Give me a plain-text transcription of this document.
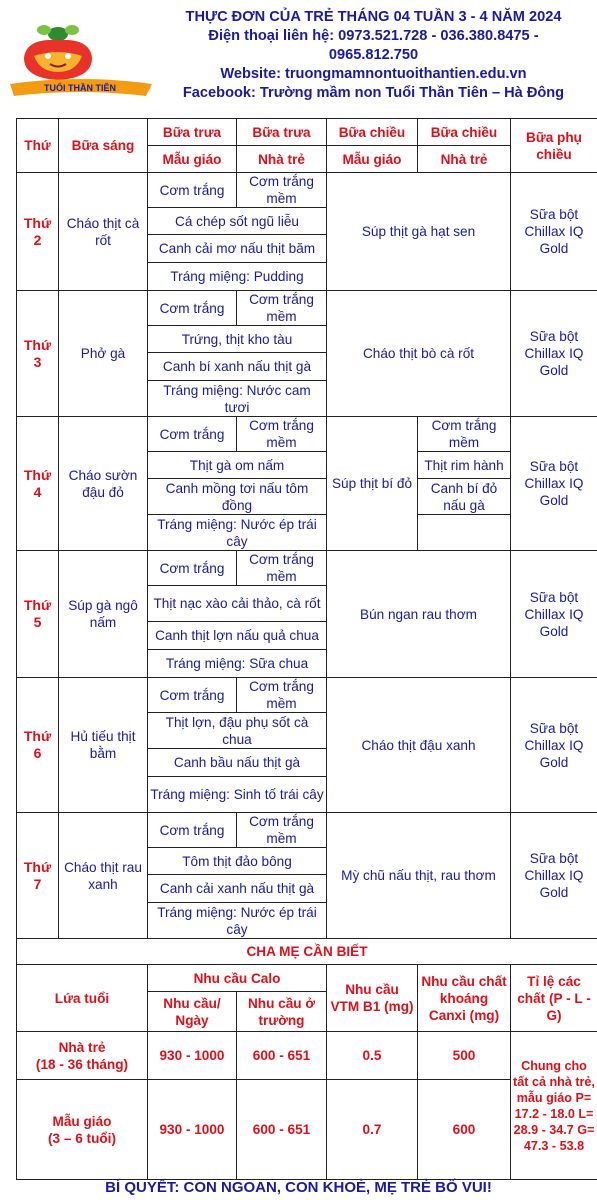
TUỔI THẦN TIÊN
THỰC ĐƠN CỦA TRẺ THÁNG 04 TUẦN 3 - 4 NĂM 2024
Điện thoại liên hệ: 0973.521.728 - 036.380.8475 -
0965.812.750
Website: truongmamnontuoithantien.edu.vn
Facebook: Trường mầm non Tuổi Thần Tiên – Hà Đông
Thứ	Bữa sáng	Bữa trưa	Bữa trưa	Bữa chiều	Bữa chiều	Bữa phụ chiều
		Mẫu giáo	Nhà trẻ	Mẫu giáo	Nhà trẻ	
Thứ 2	Cháo thịt cà rốt	Cơm trắng	Cơm trắng mềm	Súp thịt gà hạt sen		Sữa bột Chillax IQ Gold
		Cá chép sốt ngũ liễu				
		Canh cải mơ nấu thịt băm				
		Tráng miệng: Pudding				
Thứ 3	Phở gà	Cơm trắng	Cơm trắng mềm	Cháo thịt bò cà rốt		Sữa bột Chillax IQ Gold
		Trứng, thịt kho tàu				
		Canh bí xanh nấu thịt gà				
		Tráng miệng: Nước cam tươi				
Thứ 4	Cháo sườn đậu đỏ	Cơm trắng	Cơm trắng mềm	Súp thịt bí đỏ	Cơm trắng mềm	Sữa bột Chillax IQ Gold
		Thịt gà om nấm			Thịt rim hành	
		Canh mồng tơi nấu tôm đồng			Canh bí đỏ nấu gà	
		Tráng miệng: Nước ép trái cây				
Thứ 5	Súp gà ngô nấm	Cơm trắng	Cơm trắng mềm	Bún ngan rau thơm		Sữa bột Chillax IQ Gold
		Thịt nạc xào cải thảo, cà rốt				
		Canh thịt lợn nấu quả chua				
		Tráng miệng: Sữa chua				
Thứ 6	Hủ tiếu thịt bằm	Cơm trắng	Cơm trắng mềm	Cháo thịt đậu xanh		Sữa bột Chillax IQ Gold
		Thịt lợn, đậu phụ sốt cà chua				
		Canh bầu nấu thịt gà				
		Tráng miệng: Sinh tố trái cây				
Thứ 7	Cháo thịt rau xanh	Cơm trắng	Cơm trắng mềm	Mỳ chũ nấu thịt, rau thơm		Sữa bột Chillax IQ Gold
		Tôm thịt đảo bông				
		Canh cải xanh nấu thịt gà				
		Tráng miệng: Nước ép trái cây				
CHA MẸ CẦN BIẾT						
Lứa tuổi		Nhu cầu Calo		Nhu cầu VTM B1 (mg)	Nhu cầu chất khoáng Canxi (mg)	Tỉ lệ các chất (P - L - G)
		Nhu cầu/ Ngày	Nhu cầu ở trường			
Nhà trẻ
(18 - 36 tháng)		930 - 1000	600 - 651	0.5	500	Chung cho tất cả nhà trẻ, mẫu giáo P= 17.2 - 18.0 L= 28.9 - 34.7 G= 47.3 - 53.8
Mẫu giáo
(3 – 6 tuổi)		930 - 1000	600 - 651	0.7	600	
BÍ QUYẾT: CON NGOAN, CON KHOẺ, MẸ TRẺ BỐ VUI!
